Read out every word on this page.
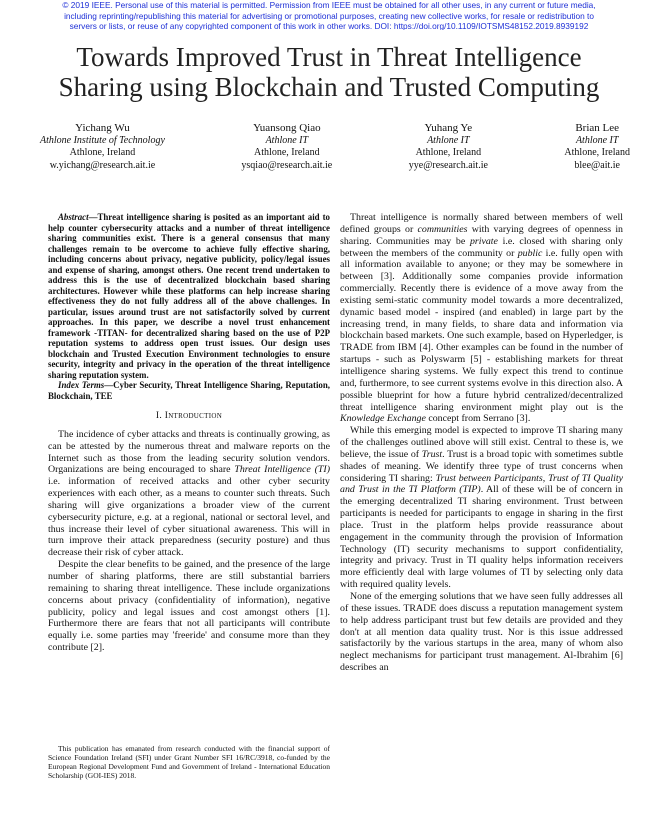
© 2019 IEEE. Personal use of this material is permitted. Permission from IEEE must be obtained for all other uses, in any current or future media,
including reprinting/republishing this material for advertising or promotional purposes, creating new collective works, for resale or redistribution to
servers or lists, or reuse of any copyrighted component of this work in other works. DOI: https://doi.org/10.1109/IOTSMS48152.2019.8939192
Towards Improved Trust in Threat Intelligence
Sharing using Blockchain and Trusted Computing
Yichang Wu
Athlone Institute of Technology
Athlone, Ireland
w.yichang@research.ait.ie
Yuansong Qiao
Athlone IT
Athlone, Ireland
ysqiao@research.ait.ie
Yuhang Ye
Athlone IT
Athlone, Ireland
yye@research.ait.ie
Brian Lee
Athlone IT
Athlone, Ireland
blee@ait.ie

Abstract—Threat intelligence sharing is posited as an important aid to help counter cybersecurity attacks and a number of threat intelligence sharing communities exist. There is a general consensus that many challenges remain to be overcome to achieve fully effective sharing, including concerns about privacy, negative publicity, policy/legal issues and expense of sharing, amongst others. One recent trend undertaken to address this is the use of decentralized blockchain based sharing architectures. However while these platforms can help increase sharing effectiveness they do not fully address all of the above challenges. In particular, issues around trust are not satisfactorily solved by current approaches. In this paper, we describe a novel trust enhancement framework -TITAN- for decentralized sharing based on the use of P2P reputation systems to address open trust issues. Our design uses blockchain and Trusted Execution Environment technologies to ensure security, integrity and privacy in the operation of the threat intelligence sharing reputation system.

Index Terms—Cyber Security, Threat Intelligence Sharing, Reputation, Blockchain, TEE

I. Introduction

The incidence of cyber attacks and threats is continually growing, as can be attested by the numerous threat and malware reports on the Internet such as those from the leading security solution vendors. Organizations are being encouraged to share Threat Intelligence (TI) i.e. information of received attacks and other cyber security experiences with each other, as a means to counter such threats. Such sharing will give organizations a broader view of the current cybersecurity picture, e.g. at a regional, national or sectoral level, and thus increase their level of cyber situational awareness. This will in turn improve their attack preparedness (security posture) and thus decrease their risk of cyber attack.

Despite the clear benefits to be gained, and the presence of the large number of sharing platforms, there are still substantial barriers remaining to sharing threat intelligence. These include organizations concerns about privacy (confidentiality of information), negative publicity, policy and legal issues and cost amongst others [1]. Furthermore there are fears that not all participants will contribute equally i.e. some parties may 'freeride' and consume more than they contribute [2].

This publication has emanated from research conducted with the financial support of Science Foundation Ireland (SFI) under Grant Number SFI 16/RC/3918, co-funded by the European Regional Development Fund and Government of Ireland - International Education Scholarship (GOI-IES) 2018.

Threat intelligence is normally shared between members of well defined groups or communities with varying degrees of openness in sharing. Communities may be private i.e. closed with sharing only between the members of the community or public i.e. fully open with all information available to anyone; or they may be somewhere in between [3]. Additionally some companies provide information commercially. Recently there is evidence of a move away from the existing semi-static community model towards a more decentralized, dynamic based model - inspired (and enabled) in large part by the increasing trend, in many fields, to share data and information via blockchain based markets. One such example, based on Hyperledger, is TRADE from IBM [4]. Other examples can be found in the number of startups - such as Polyswarm [5] - establishing markets for threat intelligence sharing systems. We fully expect this trend to continue and, furthermore, to see current systems evolve in this direction also. A possible blueprint for how a future hybrid centralized/decentralized threat intelligence sharing environment might play out is the Knowledge Exchange concept from Serrano [3].

While this emerging model is expected to improve TI sharing many of the challenges outlined above will still exist. Central to these is, we believe, the issue of Trust. Trust is a broad topic with sometimes subtle shades of meaning. We identify three type of trust concerns when considering TI sharing: Trust between Participants, Trust of TI Quality and Trust in the TI Platform (TIP). All of these will be of concern in the emerging decentralized TI sharing environment. Trust between participants is needed for participants to engage in sharing in the first place. Trust in the platform helps provide reassurance about engagement in the community through the provision of Information Technology (IT) security mechanisms to support confidentiality, integrity and privacy. Trust in TI quality helps information receivers more efficiently deal with large volumes of TI by selecting only data with required quality levels.

None of the emerging solutions that we have seen fully addresses all of these issues. TRADE does discuss a reputation management system to help address participant trust but few details are provided and they don't at all mention data quality trust. Nor is this issue addressed satisfactorily by the various startups in the area, many of whom also neglect mechanisms for participant trust management. Al-Ibrahim [6] describes an
